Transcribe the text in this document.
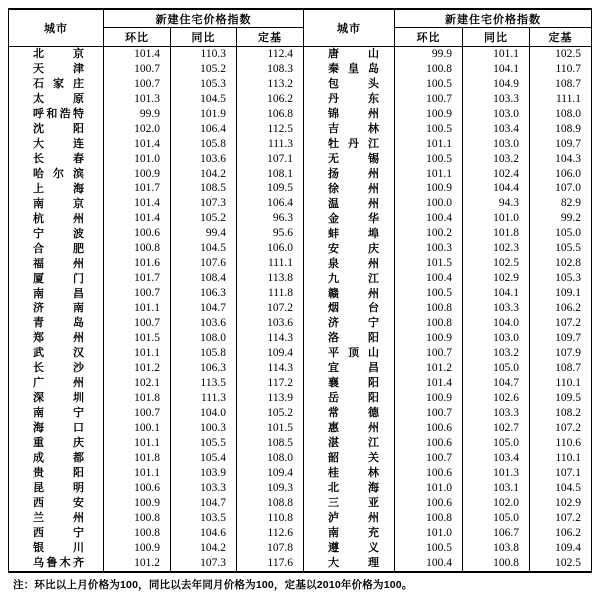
城市
新建住宅价格指数
环比	同比	定基
城市
新建住宅价格指数
环比	同比	定基
北	京	101.4	110.3	112.4	唐	山	99.9	101.1	102.5
天	津	100.7	105.2	108.3	秦 皇 岛	100.8	104.1	110.7
石 家 庄	100.7	105.3	113.2	包	头	100.5	104.9	108.7
太	原	101.3	104.5	106.2	丹	东	100.7	103.3	111.1
呼 和 浩 特	99.9	101.9	106.8	锦	州	100.9	103.0	108.0
沈	阳	102.0	106.4	112.5	吉	林	100.5	103.4	108.9
大	连	101.4	105.8	111.3	牡 丹 江	101.1	103.0	109.7
长	春	101.0	103.6	107.1	无	锡	100.5	103.2	104.3
哈 尔 滨	100.9	104.2	108.1	扬	州	101.1	102.4	106.0
上	海	101.7	108.5	109.5	徐	州	100.9	104.4	107.0
南	京	101.4	107.3	106.4	温	州	100.0	94.3	82.9
杭	州	101.4	105.2	96.3	金	华	100.4	101.0	99.2
宁	波	100.6	99.4	95.6	蚌	埠	100.2	101.8	105.0
合	肥	100.8	104.5	106.0	安	庆	100.3	102.3	105.5
福	州	101.6	107.6	111.1	泉	州	101.5	102.5	102.8
厦	门	101.7	108.4	113.8	九	江	100.4	102.9	105.3
南	昌	100.7	106.3	111.8	赣	州	100.5	104.1	109.1
济	南	101.1	104.7	107.2	烟	台	100.8	103.3	106.2
青	岛	100.7	103.6	103.6	济	宁	100.8	104.0	107.2
郑	州	101.5	108.0	114.3	洛	阳	100.9	103.0	109.7
武	汉	101.1	105.8	109.4	平 顶 山	100.7	103.2	107.9
长	沙	101.2	106.3	114.3	宜	昌	101.2	105.0	108.7
广	州	102.1	113.5	117.2	襄	阳	101.4	104.7	110.1
深	圳	101.8	111.3	113.9	岳	阳	100.9	102.6	109.5
南	宁	100.7	104.0	105.2	常	德	100.7	103.3	108.2
海	口	100.1	100.3	101.5	惠	州	100.6	102.7	107.2
重	庆	101.1	105.5	108.5	湛	江	100.6	105.0	110.6
成	都	101.8	105.4	108.0	韶	关	100.7	103.4	110.1
贵	阳	101.1	103.9	109.4	桂	林	100.6	101.3	107.1
昆	明	100.6	103.3	109.3	北	海	101.0	103.1	104.5
西	安	100.9	104.7	108.8	三	亚	100.6	102.0	102.9
兰	州	100.8	103.5	110.8	泸	州	100.8	105.0	107.2
西	宁	100.8	104.6	112.6	南	充	101.0	106.7	106.2
银	川	100.9	104.2	107.8	遵	义	100.5	103.8	109.4
乌 鲁 木 齐	101.2	107.3	117.6	大	理	100.4	100.8	102.5
注：环比以上月价格为100，同比以去年同月价格为100，定基以2010年价格为100。
